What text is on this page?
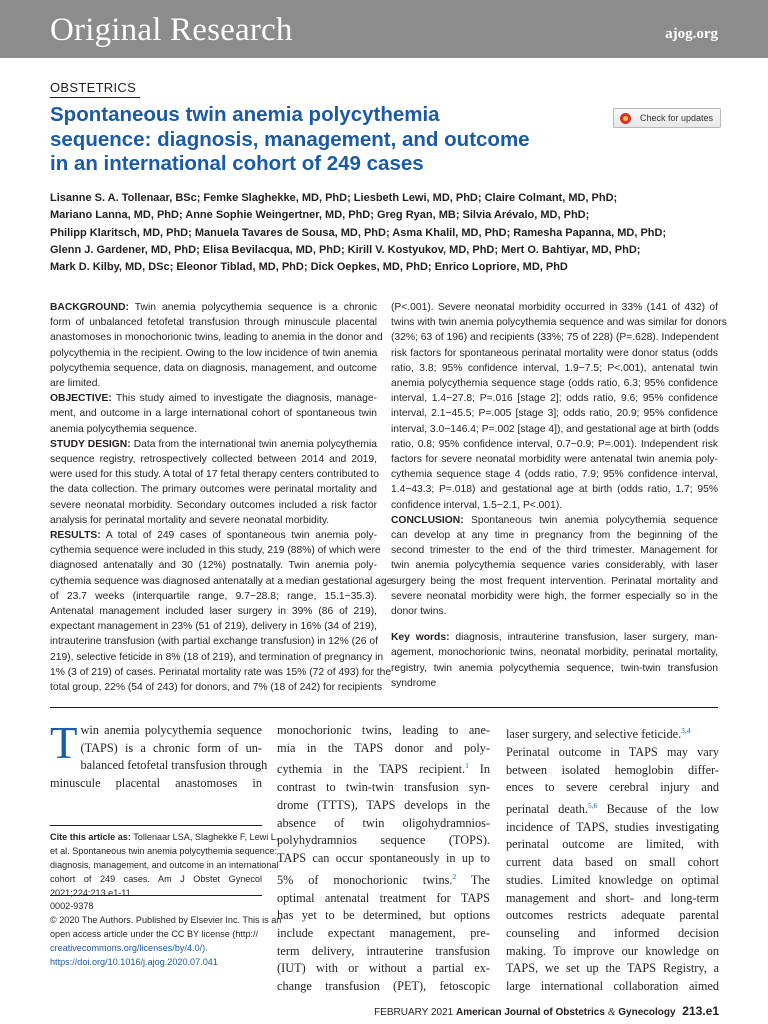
Original Research	ajog.org
OBSTETRICS
Spontaneous twin anemia polycythemia
sequence: diagnosis, management, and outcome
in an international cohort of 249 cases
Check for updates
Lisanne S. A. Tollenaar, BSc; Femke Slaghekke, MD, PhD; Liesbeth Lewi, MD, PhD; Claire Colmant, MD, PhD;
Mariano Lanna, MD, PhD; Anne Sophie Weingertner, MD, PhD; Greg Ryan, MB; Silvia Arévalo, MD, PhD;
Philipp Klaritsch, MD, PhD; Manuela Tavares de Sousa, MD, PhD; Asma Khalil, MD, PhD; Ramesha Papanna, MD, PhD;
Glenn J. Gardener, MD, PhD; Elisa Bevilacqua, MD, PhD; Kirill V. Kostyukov, MD, PhD; Mert O. Bahtiyar, MD, PhD;
Mark D. Kilby, MD, DSc; Eleonor Tiblad, MD, PhD; Dick Oepkes, MD, PhD; Enrico Lopriore, MD, PhD
BACKGROUND: Twin anemia polycythemia sequence is a chronic
form of unbalanced fetofetal transfusion through minuscule placental
anastomoses in monochorionic twins, leading to anemia in the donor and
polycythemia in the recipient. Owing to the low incidence of twin anemia
polycythemia sequence, data on diagnosis, management, and outcome
are limited.
OBJECTIVE: This study aimed to investigate the diagnosis, manage-
ment, and outcome in a large international cohort of spontaneous twin
anemia polycythemia sequence.
STUDY DESIGN: Data from the international twin anemia polycythemia
sequence registry, retrospectively collected between 2014 and 2019,
were used for this study. A total of 17 fetal therapy centers contributed to
the data collection. The primary outcomes were perinatal mortality and
severe neonatal morbidity. Secondary outcomes included a risk factor
analysis for perinatal mortality and severe neonatal morbidity.
RESULTS: A total of 249 cases of spontaneous twin anemia poly-
cythemia sequence were included in this study, 219 (88%) of which were
diagnosed antenatally and 30 (12%) postnatally. Twin anemia poly-
cythemia sequence was diagnosed antenatally at a median gestational age
of 23.7 weeks (interquartile range, 9.7−28.8; range, 15.1−35.3).
Antenatal management included laser surgery in 39% (86 of 219),
expectant management in 23% (51 of 219), delivery in 16% (34 of 219),
intrauterine transfusion (with partial exchange transfusion) in 12% (26 of
219), selective feticide in 8% (18 of 219), and termination of pregnancy in
1% (3 of 219) of cases. Perinatal mortality rate was 15% (72 of 493) for the
total group, 22% (54 of 243) for donors, and 7% (18 of 242) for recipients
(P<.001). Severe neonatal morbidity occurred in 33% (141 of 432) of
twins with twin anemia polycythemia sequence and was similar for donors
(32%; 63 of 196) and recipients (33%; 75 of 228) (P=.628). Independent
risk factors for spontaneous perinatal mortality were donor status (odds
ratio, 3.8; 95% confidence interval, 1.9−7.5; P<.001), antenatal twin
anemia polycythemia sequence stage (odds ratio, 6.3; 95% confidence
interval, 1.4−27.8; P=.016 [stage 2]; odds ratio, 9.6; 95% confidence
interval, 2.1−45.5; P=.005 [stage 3]; odds ratio, 20.9; 95% confidence
interval, 3.0−146.4; P=.002 [stage 4]), and gestational age at birth (odds
ratio, 0.8; 95% confidence interval, 0.7−0.9; P=.001). Independent risk
factors for severe neonatal morbidity were antenatal twin anemia poly-
cythemia sequence stage 4 (odds ratio, 7.9; 95% confidence interval,
1.4−43.3; P=.018) and gestational age at birth (odds ratio, 1.7; 95%
confidence interval, 1.5−2.1, P<.001).
CONCLUSION: Spontaneous twin anemia polycythemia sequence
can develop at any time in pregnancy from the beginning of the
second trimester to the end of the third trimester. Management for
twin anemia polycythemia sequence varies considerably, with laser
surgery being the most frequent intervention. Perinatal mortality and
severe neonatal morbidity were high, the former especially so in the
donor twins.
Key words: diagnosis, intrauterine transfusion, laser surgery, man-
agement, monochorionic twins, neonatal morbidity, perinatal mortality,
registry, twin anemia polycythemia sequence, twin-twin transfusion
syndrome
T win anemia polycythemia sequence
(TAPS) is a chronic form of un-
balanced fetofetal transfusion through
minuscule placental anastomoses in
Cite this article as: Tollenaar LSA, Slaghekke F, Lewi L,
et al. Spontaneous twin anemia polycythemia sequence:
diagnosis, management, and outcome in an international
cohort of 249 cases. Am J Obstet Gynecol
2021;224:213.e1-11.
0002-9378
© 2020 The Authors. Published by Elsevier Inc. This is an
open access article under the CC BY license (http://
creativecommons.org/licenses/by/4.0/).
https://doi.org/10.1016/j.ajog.2020.07.041
monochorionic twins, leading to ane-
mia in the TAPS donor and poly-
cythemia in the TAPS recipient.$^1$ In
contrast to twin-twin transfusion syn-
drome (TTTS), TAPS develops in the
absence of twin oligohydramnios-
polyhydramnios sequence (TOPS).
TAPS can occur spontaneously in up to
5% of monochorionic twins.$^2$ The
optimal antenatal treatment for TAPS
has yet to be determined, but options
include expectant management, pre-
term delivery, intrauterine transfusion
(IUT) with or without a partial ex-
change transfusion (PET), fetoscopic
laser surgery, and selective feticide.$^{3,4}$
Perinatal outcome in TAPS may vary
between isolated hemoglobin differ-
ences to severe cerebral injury and
perinatal death.$^{5,6}$ Because of the low
incidence of TAPS, studies investigating
perinatal outcome are limited, with
current data based on small cohort
studies. Limited knowledge on optimal
management and short- and long-term
outcomes restricts adequate parental
counseling and informed decision
making. To improve our knowledge on
TAPS, we set up the TAPS Registry, a
large international collaboration aimed
FEBRUARY 2021 American Journal of Obstetrics & Gynecology 213.e1
